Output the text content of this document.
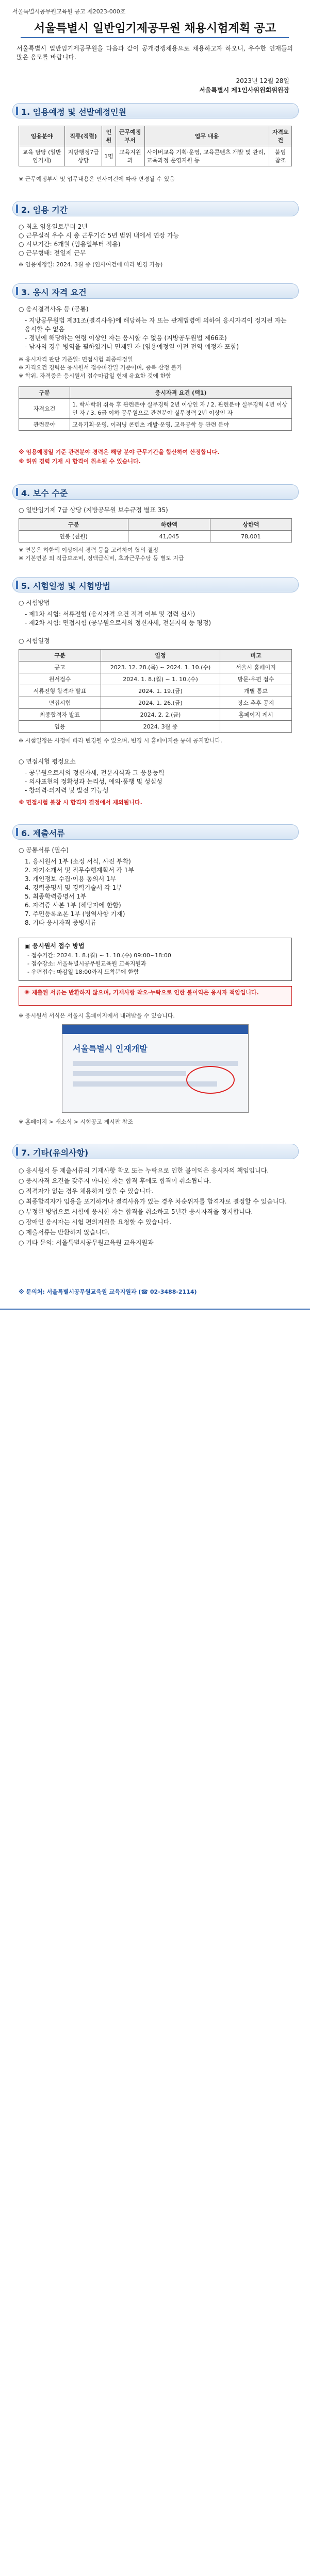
서울특별시공무원교육원 공고 제2023-000호
서울특별시 일반임기제공무원 채용시험계획 공고
서울특별시 일반임기제공무원을 다음과 같이 공개경쟁채용으로 채용하고자 하오니, 우수한 인재들의 많은 응모를 바랍니다.
2023년 12월 28일
서울특별시 제1인사위원회위원장
1. 임용예정 및 선발예정인원
임용분야	직류(직렬)	인원	근무예정부서	업무 내용	자격요건
교육 담당 (일반임기제)	지방행정7급 상당	1명	교육지원과	사이버교육 기획·운영, 교육콘텐츠 개발 및 관리, 교육과정 운영지원 등	붙임 참조
※ 근무예정부서 및 업무내용은 인사여건에 따라 변경될 수 있음
2. 임용 기간
○ 최초 임용일로부터 2년
○ 근무실적 우수 시 총 근무기간 5년 범위 내에서 연장 가능
○ 시보기간: 6개월 (임용일부터 적용)
○ 근무형태: 전일제 근무
※ 임용예정일: 2024. 3월 중 (인사여건에 따라 변경 가능)
3. 응시 자격 요건
○ 응시결격사유 등 (공통)
- 지방공무원법 제31조(결격사유)에 해당하는 자 또는 관계법령에 의하여 응시자격이 정지된 자는 응시할 수 없음
- 정년에 해당하는 연령 이상인 자는 응시할 수 없음 (지방공무원법 제66조)
- 남자의 경우 병역을 필하였거나 면제된 자 (임용예정일 이전 전역 예정자 포함)
※ 응시자격 판단 기준일: 면접시험 최종예정일
※ 자격요건 경력은 응시원서 접수마감일 기준이며, 중복 산정 불가
※ 학위, 자격증은 응시원서 접수마감일 현재 유효한 것에 한함
구분	응시자격 요건 (택1)
자격요건	1. 학사학위 취득 후 관련분야 실무경력 2년 이상인 자 / 2. 관련분야 실무경력 4년 이상인 자 / 3. 6급 이하 공무원으로 관련분야 실무경력 2년 이상인 자
관련분야	교육기획·운영, 이러닝 콘텐츠 개발·운영, 교육공학 등 관련 분야
※ 임용예정일 기준 관련분야 경력은 해당 분야 근무기간을 합산하여 산정합니다.
※ 허위 경력 기재 시 합격이 취소될 수 있습니다.
4. 보수 수준
○ 일반임기제 7급 상당 (지방공무원 보수규정 별표 35)
구분	하한액	상한액
연봉 (천원)	41,045	78,001
※ 연봉은 하한액 이상에서 경력 등을 고려하여 협의 결정
※ 기본연봉 외 직급보조비, 정액급식비, 초과근무수당 등 별도 지급
5. 시험일정 및 시험방법
○ 시험방법
- 제1차 시험: 서류전형 (응시자격 요건 적격 여부 및 경력 심사)
- 제2차 시험: 면접시험 (공무원으로서의 정신자세, 전문지식 등 평정)
○ 시험일정
구분	일정	비고
공고	2023. 12. 28.(목) ~ 2024. 1. 10.(수)	서울시 홈페이지
원서접수	2024. 1. 8.(월) ~ 1. 10.(수)	방문·우편 접수
서류전형 합격자 발표	2024. 1. 19.(금)	개별 통보
면접시험	2024. 1. 26.(금)	장소 추후 공지
최종합격자 발표	2024. 2. 2.(금)	홈페이지 게시
임용	2024. 3월 중	
※ 시험일정은 사정에 따라 변경될 수 있으며, 변경 시 홈페이지를 통해 공지합니다.
○ 면접시험 평정요소
- 공무원으로서의 정신자세, 전문지식과 그 응용능력
- 의사표현의 정확성과 논리성, 예의·품행 및 성실성
- 창의력·의지력 및 발전 가능성
※ 면접시험 불참 시 합격자 결정에서 제외됩니다.
6. 제출서류
○ 공통서류 (필수)
1. 응시원서 1부 (소정 서식, 사진 부착)
2. 자기소개서 및 직무수행계획서 각 1부
3. 개인정보 수집·이용 동의서 1부
4. 경력증명서 및 경력기술서 각 1부
5. 최종학력증명서 1부
6. 자격증 사본 1부 (해당자에 한함)
7. 주민등록초본 1부 (병역사항 기재)
8. 기타 응시자격 증빙서류
▣ 응시원서 접수 방법
- 접수기간: 2024. 1. 8.(월) ~ 1. 10.(수) 09:00~18:00
- 접수장소: 서울특별시공무원교육원 교육지원과
- 우편접수: 마감일 18:00까지 도착분에 한함
※ 제출된 서류는 반환하지 않으며, 기재사항 착오·누락으로 인한 불이익은 응시자 책임입니다.
※ 응시원서 서식은 서울시 홈페이지에서 내려받을 수 있습니다.
서울특별시 인재개발
※ 홈페이지 > 새소식 > 시험공고 게시판 참조
7. 기타(유의사항)
○ 응시원서 등 제출서류의 기재사항 착오 또는 누락으로 인한 불이익은 응시자의 책임입니다.
○ 응시자격 요건을 갖추지 아니한 자는 합격 후에도 합격이 취소됩니다.
○ 적격자가 없는 경우 채용하지 않을 수 있습니다.
○ 최종합격자가 임용을 포기하거나 결격사유가 있는 경우 차순위자를 합격자로 결정할 수 있습니다.
○ 부정한 방법으로 시험에 응시한 자는 합격을 취소하고 5년간 응시자격을 정지합니다.
○ 장애인 응시자는 시험 편의지원을 요청할 수 있습니다.
○ 제출서류는 반환하지 않습니다.
○ 기타 문의: 서울특별시공무원교육원 교육지원과
※ 문의처: 서울특별시공무원교육원 교육지원과 (☎ 02-3488-2114)
